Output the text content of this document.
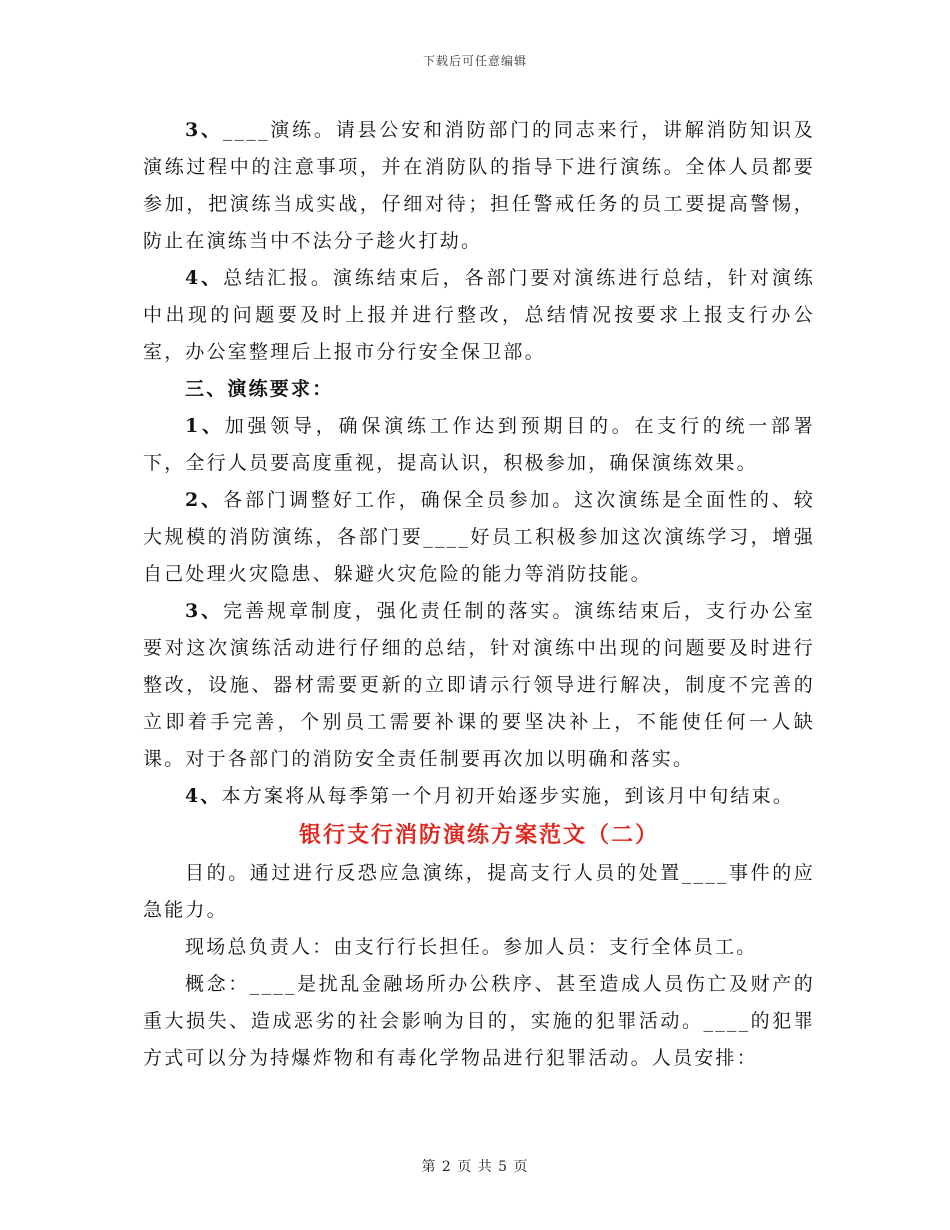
下载后可任意编辑

3、____演练。请县公安和消防部门的同志来行，讲解消防知识及演练过程中的注意事项，并在消防队的指导下进行演练。全体人员都要参加，把演练当成实战，仔细对待；担任警戒任务的员工要提高警惕，防止在演练当中不法分子趁火打劫。

4、总结汇报。演练结束后，各部门要对演练进行总结，针对演练中出现的问题要及时上报并进行整改，总结情况按要求上报支行办公室，办公室整理后上报市分行安全保卫部。

三、演练要求：

1、加强领导，确保演练工作达到预期目的。在支行的统一部署下，全行人员要高度重视，提高认识，积极参加，确保演练效果。

2、各部门调整好工作，确保全员参加。这次演练是全面性的、较大规模的消防演练，各部门要____好员工积极参加这次演练学习，增强自己处理火灾隐患、躲避火灾危险的能力等消防技能。

3、完善规章制度，强化责任制的落实。演练结束后，支行办公室要对这次演练活动进行仔细的总结，针对演练中出现的问题要及时进行整改，设施、器材需要更新的立即请示行领导进行解决，制度不完善的立即着手完善，个别员工需要补课的要坚决补上，不能使任何一人缺课。对于各部门的消防安全责任制要再次加以明确和落实。

4、本方案将从每季第一个月初开始逐步实施，到该月中旬结束。

银行支行消防演练方案范文（二）

目的。通过进行反恐应急演练，提高支行人员的处置____事件的应急能力。

现场总负责人：由支行行长担任。参加人员：支行全体员工。

概念：____是扰乱金融场所办公秩序、甚至造成人员伤亡及财产的重大损失、造成恶劣的社会影响为目的，实施的犯罪活动。____的犯罪方式可以分为持爆炸物和有毒化学物品进行犯罪活动。人员安排：

第 2 页 共 5 页
